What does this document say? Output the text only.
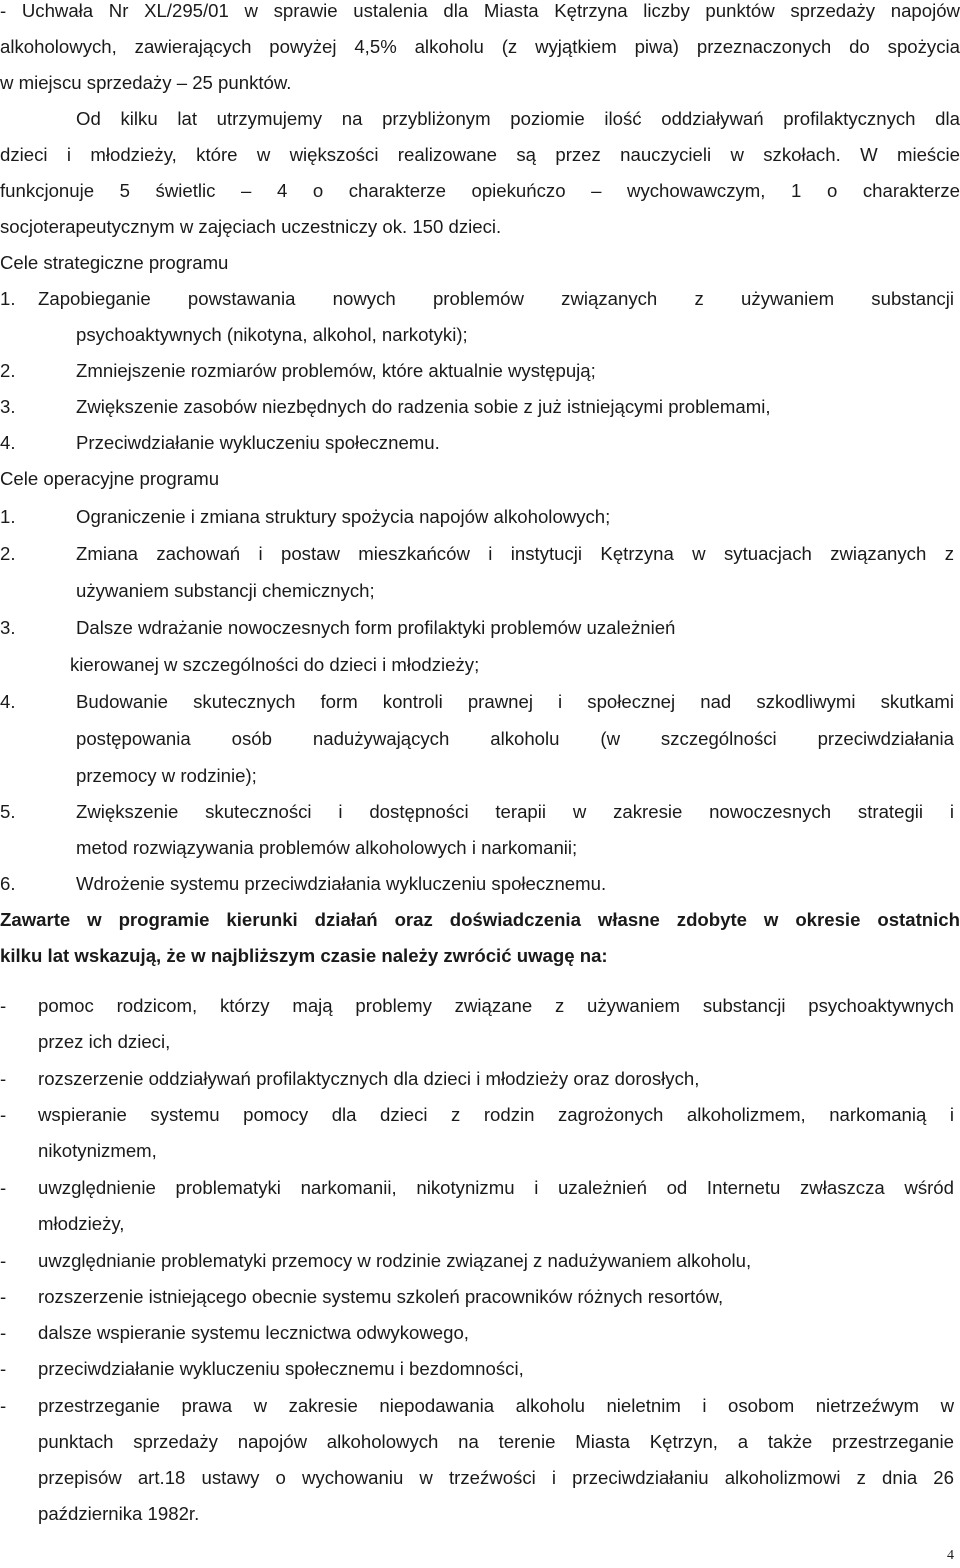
- Uchwała Nr XL/295/01 w sprawie ustalenia dla Miasta Kętrzyna liczby punktów sprzedaży napojów
alkoholowych, zawierających powyżej 4,5% alkoholu (z wyjątkiem piwa) przeznaczonych do spożycia
w miejscu sprzedaży – 25 punktów.
Od kilku lat utrzymujemy na przybliżonym poziomie ilość oddziaływań profilaktycznych dla
dzieci i młodzieży, które w większości realizowane są przez nauczycieli w szkołach. W mieście
funkcjonuje 5 świetlic – 4 o charakterze opiekuńczo – wychowawczym, 1 o charakterze
socjoterapeutycznym w zajęciach uczestniczy ok. 150 dzieci.
Cele strategiczne programu
1. Zapobieganie powstawania nowych problemów związanych z używaniem substancji
psychoaktywnych (nikotyna, alkohol, narkotyki);
2.	Zmniejszenie rozmiarów problemów, które aktualnie występują;
3.	Zwiększenie zasobów niezbędnych do radzenia sobie z już istniejącymi problemami,
4.	Przeciwdziałanie wykluczeniu społecznemu.
Cele operacyjne programu
1.	Ograniczenie i zmiana struktury spożycia napojów alkoholowych;
2.	Zmiana zachowań i postaw mieszkańców i instytucji Kętrzyna w sytuacjach związanych z
używaniem substancji chemicznych;
3.	Dalsze wdrażanie nowoczesnych form profilaktyki problemów uzależnień
kierowanej w szczególności do dzieci i młodzieży;
4.	Budowanie skutecznych form kontroli prawnej i społecznej nad szkodliwymi skutkami
postępowania osób nadużywających alkoholu (w szczególności przeciwdziałania
przemocy w rodzinie);
5.	Zwiększenie skuteczności i dostępności terapii w zakresie nowoczesnych strategii i
metod rozwiązywania problemów alkoholowych i narkomanii;
6.	Wdrożenie systemu przeciwdziałania wykluczeniu społecznemu.
Zawarte w programie kierunki działań oraz doświadczenia własne zdobyte w okresie ostatnich
kilku lat wskazują, że w najbliższym czasie należy zwrócić uwagę na:
- pomoc rodzicom, którzy mają problemy związane z używaniem substancji psychoaktywnych
przez ich dzieci,
- rozszerzenie oddziaływań profilaktycznych dla dzieci i młodzieży oraz dorosłych,
- wspieranie systemu pomocy dla dzieci z rodzin zagrożonych alkoholizmem, narkomanią i
nikotynizmem,
- uwzględnienie problematyki narkomanii, nikotynizmu i uzależnień od Internetu zwłaszcza wśród
młodzieży,
- uwzględnianie problematyki przemocy w rodzinie związanej z nadużywaniem alkoholu,
- rozszerzenie istniejącego obecnie systemu szkoleń pracowników różnych resortów,
- dalsze wspieranie systemu lecznictwa odwykowego,
- przeciwdziałanie wykluczeniu społecznemu i bezdomności,
- przestrzeganie prawa w zakresie niepodawania alkoholu nieletnim i osobom nietrzeźwym w
punktach sprzedaży napojów alkoholowych na terenie Miasta Kętrzyn, a także przestrzeganie
przepisów art.18 ustawy o wychowaniu w trzeźwości i przeciwdziałaniu alkoholizmowi z dnia 26
października 1982r.
4
